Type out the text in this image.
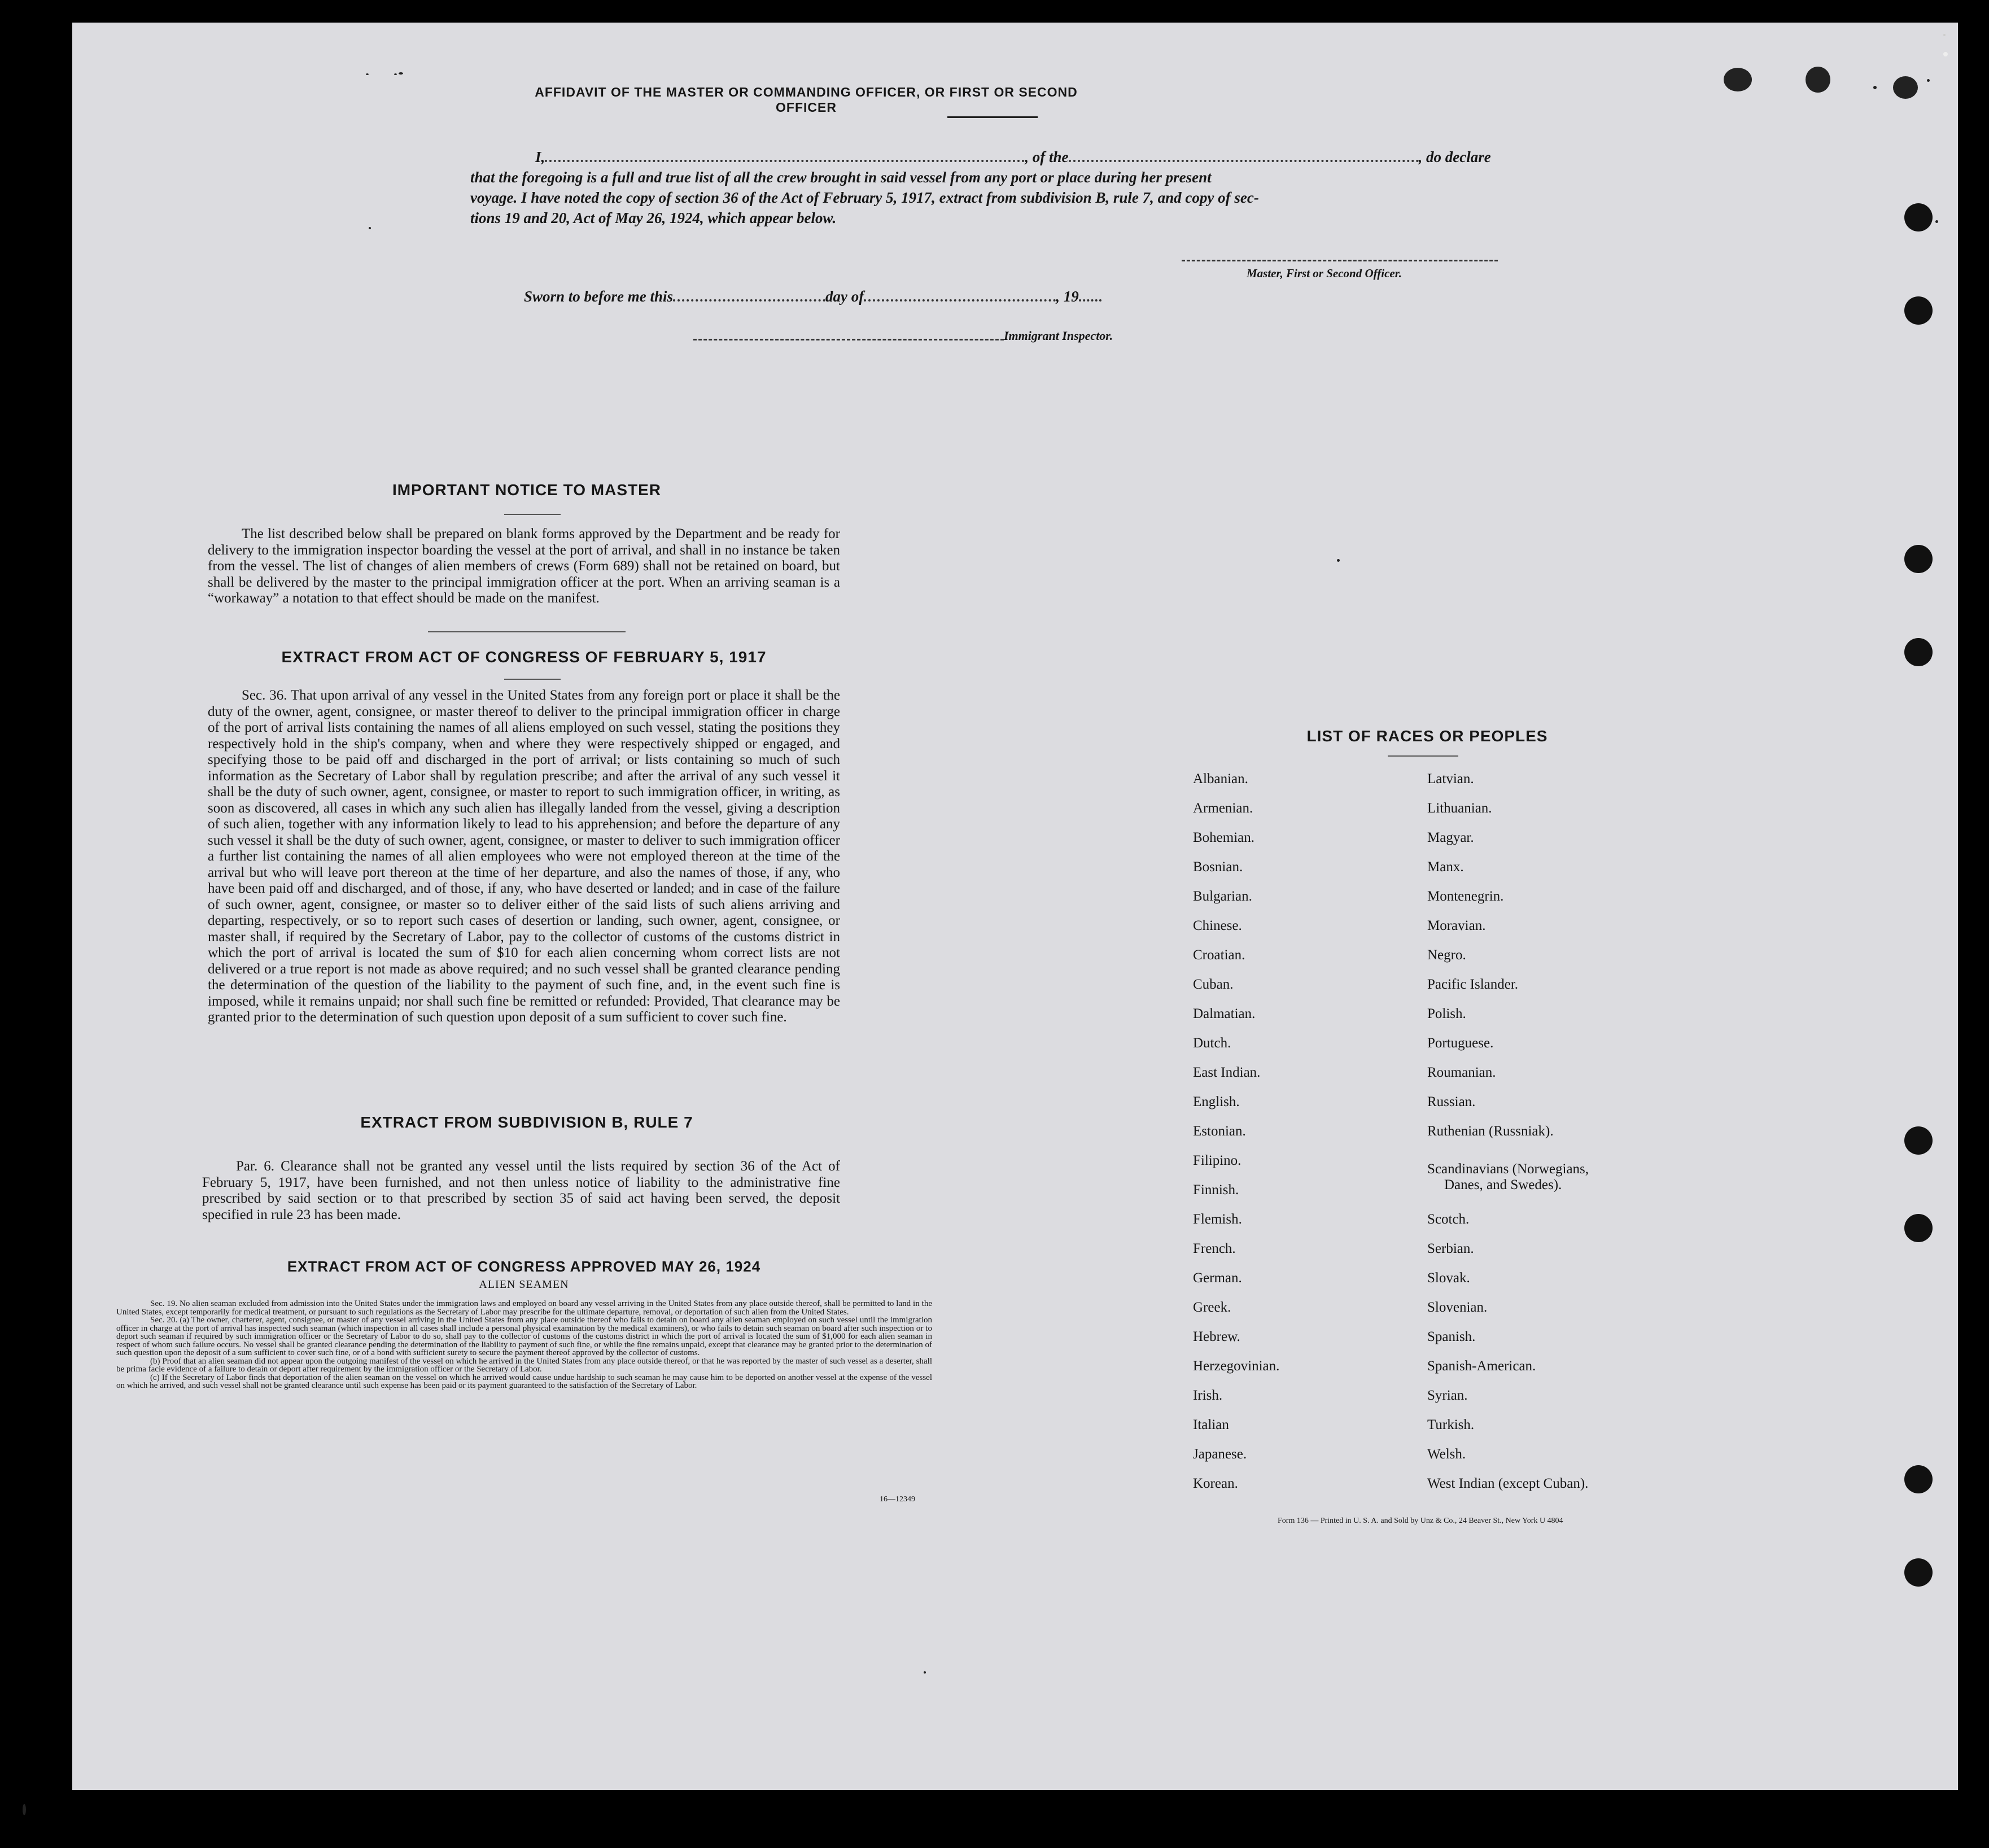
AFFIDAVIT OF THE MASTER OR COMMANDING OFFICER, OR FIRST OR SECOND OFFICER
I,	, of the	, do declare
that the foregoing is a full and true list of all the crew brought in said vessel from any port or place during her present
voyage. I have noted the copy of section 36 of the Act of February 5, 1917, extract from subdivision B, rule 7, and copy of sec-
tions 19 and 20, Act of May 26, 1924, which appear below.
Master, First or Second Officer.
Sworn to before me this	day of	, 19
Immigrant Inspector.
IMPORTANT NOTICE TO MASTER
The list described below shall be prepared on blank forms approved by the Department and be ready for delivery to the immigration inspector boarding the vessel at the port of arrival, and shall in no instance be taken from the vessel. The list of changes of alien members of crews (Form 689) shall not be retained on board, but shall be delivered by the master to the principal immigration officer at the port. When an arriving seaman is a “workaway” a notation to that effect should be made on the manifest.
EXTRACT FROM ACT OF CONGRESS OF FEBRUARY 5, 1917
Sec. 36. That upon arrival of any vessel in the United States from any foreign port or place it shall be the duty of the owner, agent, consignee, or master thereof to deliver to the principal immigration officer in charge of the port of arrival lists containing the names of all aliens employed on such vessel, stating the positions they respectively hold in the ship's company, when and where they were respectively shipped or engaged, and specifying those to be paid off and discharged in the port of arrival; or lists containing so much of such information as the Secretary of Labor shall by regulation prescribe; and after the arrival of any such vessel it shall be the duty of such owner, agent, consignee, or master to report to such immigration officer, in writing, as soon as discovered, all cases in which any such alien has illegally landed from the vessel, giving a description of such alien, together with any information likely to lead to his apprehension; and before the departure of any such vessel it shall be the duty of such owner, agent, consignee, or master to deliver to such immigration officer a further list containing the names of all alien employees who were not employed thereon at the time of the arrival but who will leave port thereon at the time of her departure, and also the names of those, if any, who have been paid off and discharged, and of those, if any, who have deserted or landed; and in case of the failure of such owner, agent, consignee, or master so to deliver either of the said lists of such aliens arriving and departing, respectively, or so to report such cases of desertion or landing, such owner, agent, consignee, or master shall, if required by the Secretary of Labor, pay to the collector of customs of the customs district in which the port of arrival is located the sum of $10 for each alien concerning whom correct lists are not delivered or a true report is not made as above required; and no such vessel shall be granted clearance pending the determination of the question of the liability to the payment of such fine, and, in the event such fine is imposed, while it remains unpaid; nor shall such fine be remitted or refunded: Provided, That clearance may be granted prior to the determination of such question upon deposit of a sum sufficient to cover such fine.
EXTRACT FROM SUBDIVISION B, RULE 7
Par. 6. Clearance shall not be granted any vessel until the lists required by section 36 of the Act of February 5, 1917, have been furnished, and not then unless notice of liability to the administrative fine prescribed by said section or to that prescribed by section 35 of said act having been served, the deposit specified in rule 23 has been made.
EXTRACT FROM ACT OF CONGRESS APPROVED MAY 26, 1924
ALIEN SEAMEN

Sec. 19. No alien seaman excluded from admission into the United States under the immigration laws and employed on board any vessel arriving in the United States from any place outside thereof, shall be permitted to land in the United States, except temporarily for medical treatment, or pursuant to such regulations as the Secretary of Labor may prescribe for the ultimate departure, removal, or deportation of such alien from the United States.

Sec. 20. (a) The owner, charterer, agent, consignee, or master of any vessel arriving in the United States from any place outside thereof who fails to detain on board any alien seaman employed on such vessel until the immigration officer in charge at the port of arrival has inspected such seaman (which inspection in all cases shall include a personal physical examination by the medical examiners), or who fails to detain such seaman on board after such inspection or to deport such seaman if required by such immigration officer or the Secretary of Labor to do so, shall pay to the collector of customs of the customs district in which the port of arrival is located the sum of $1,000 for each alien seaman in respect of whom such failure occurs. No vessel shall be granted clearance pending the determination of the liability to payment of such fine, or while the fine remains unpaid, except that clearance may be granted prior to the determination of such question upon the deposit of a sum sufficient to cover such fine, or of a bond with sufficient surety to secure the payment thereof approved by the collector of customs.

(b) Proof that an alien seaman did not appear upon the outgoing manifest of the vessel on which he arrived in the United States from any place outside thereof, or that he was reported by the master of such vessel as a deserter, shall be prima facie evidence of a failure to detain or deport after requirement by the immigration officer or the Secretary of Labor.

(c) If the Secretary of Labor finds that deportation of the alien seaman on the vessel on which he arrived would cause undue hardship to such seaman he may cause him to be deported on another vessel at the expense of the vessel on which he arrived, and such vessel shall not be granted clearance until such expense has been paid or its payment guaranteed to the satisfaction of the Secretary of Labor.

16—12349
LIST OF RACES OR PEOPLES
Albanian.
Armenian.
Bohemian.
Bosnian.
Bulgarian.
Chinese.
Croatian.
Cuban.
Dalmatian.
Dutch.
East Indian.
English.
Estonian.
Filipino.
Finnish.
Flemish.
French.
German.
Greek.
Hebrew.
Herzegovinian.
Irish.
Italian
Japanese.
Korean.
Latvian.
Lithuanian.
Magyar.
Manx.
Montenegrin.
Moravian.
Negro.
Pacific Islander.
Polish.
Portuguese.
Roumanian.
Russian.
Ruthenian (Russniak).
Scandinavians (Norwegians,
Danes, and Swedes).
Scotch.
Serbian.
Slovak.
Slovenian.
Spanish.
Spanish-American.
Syrian.
Turkish.
Welsh.
West Indian (except Cuban).
Form 136 — Printed in U. S. A. and Sold by Unz & Co., 24 Beaver St., New York U 4804
